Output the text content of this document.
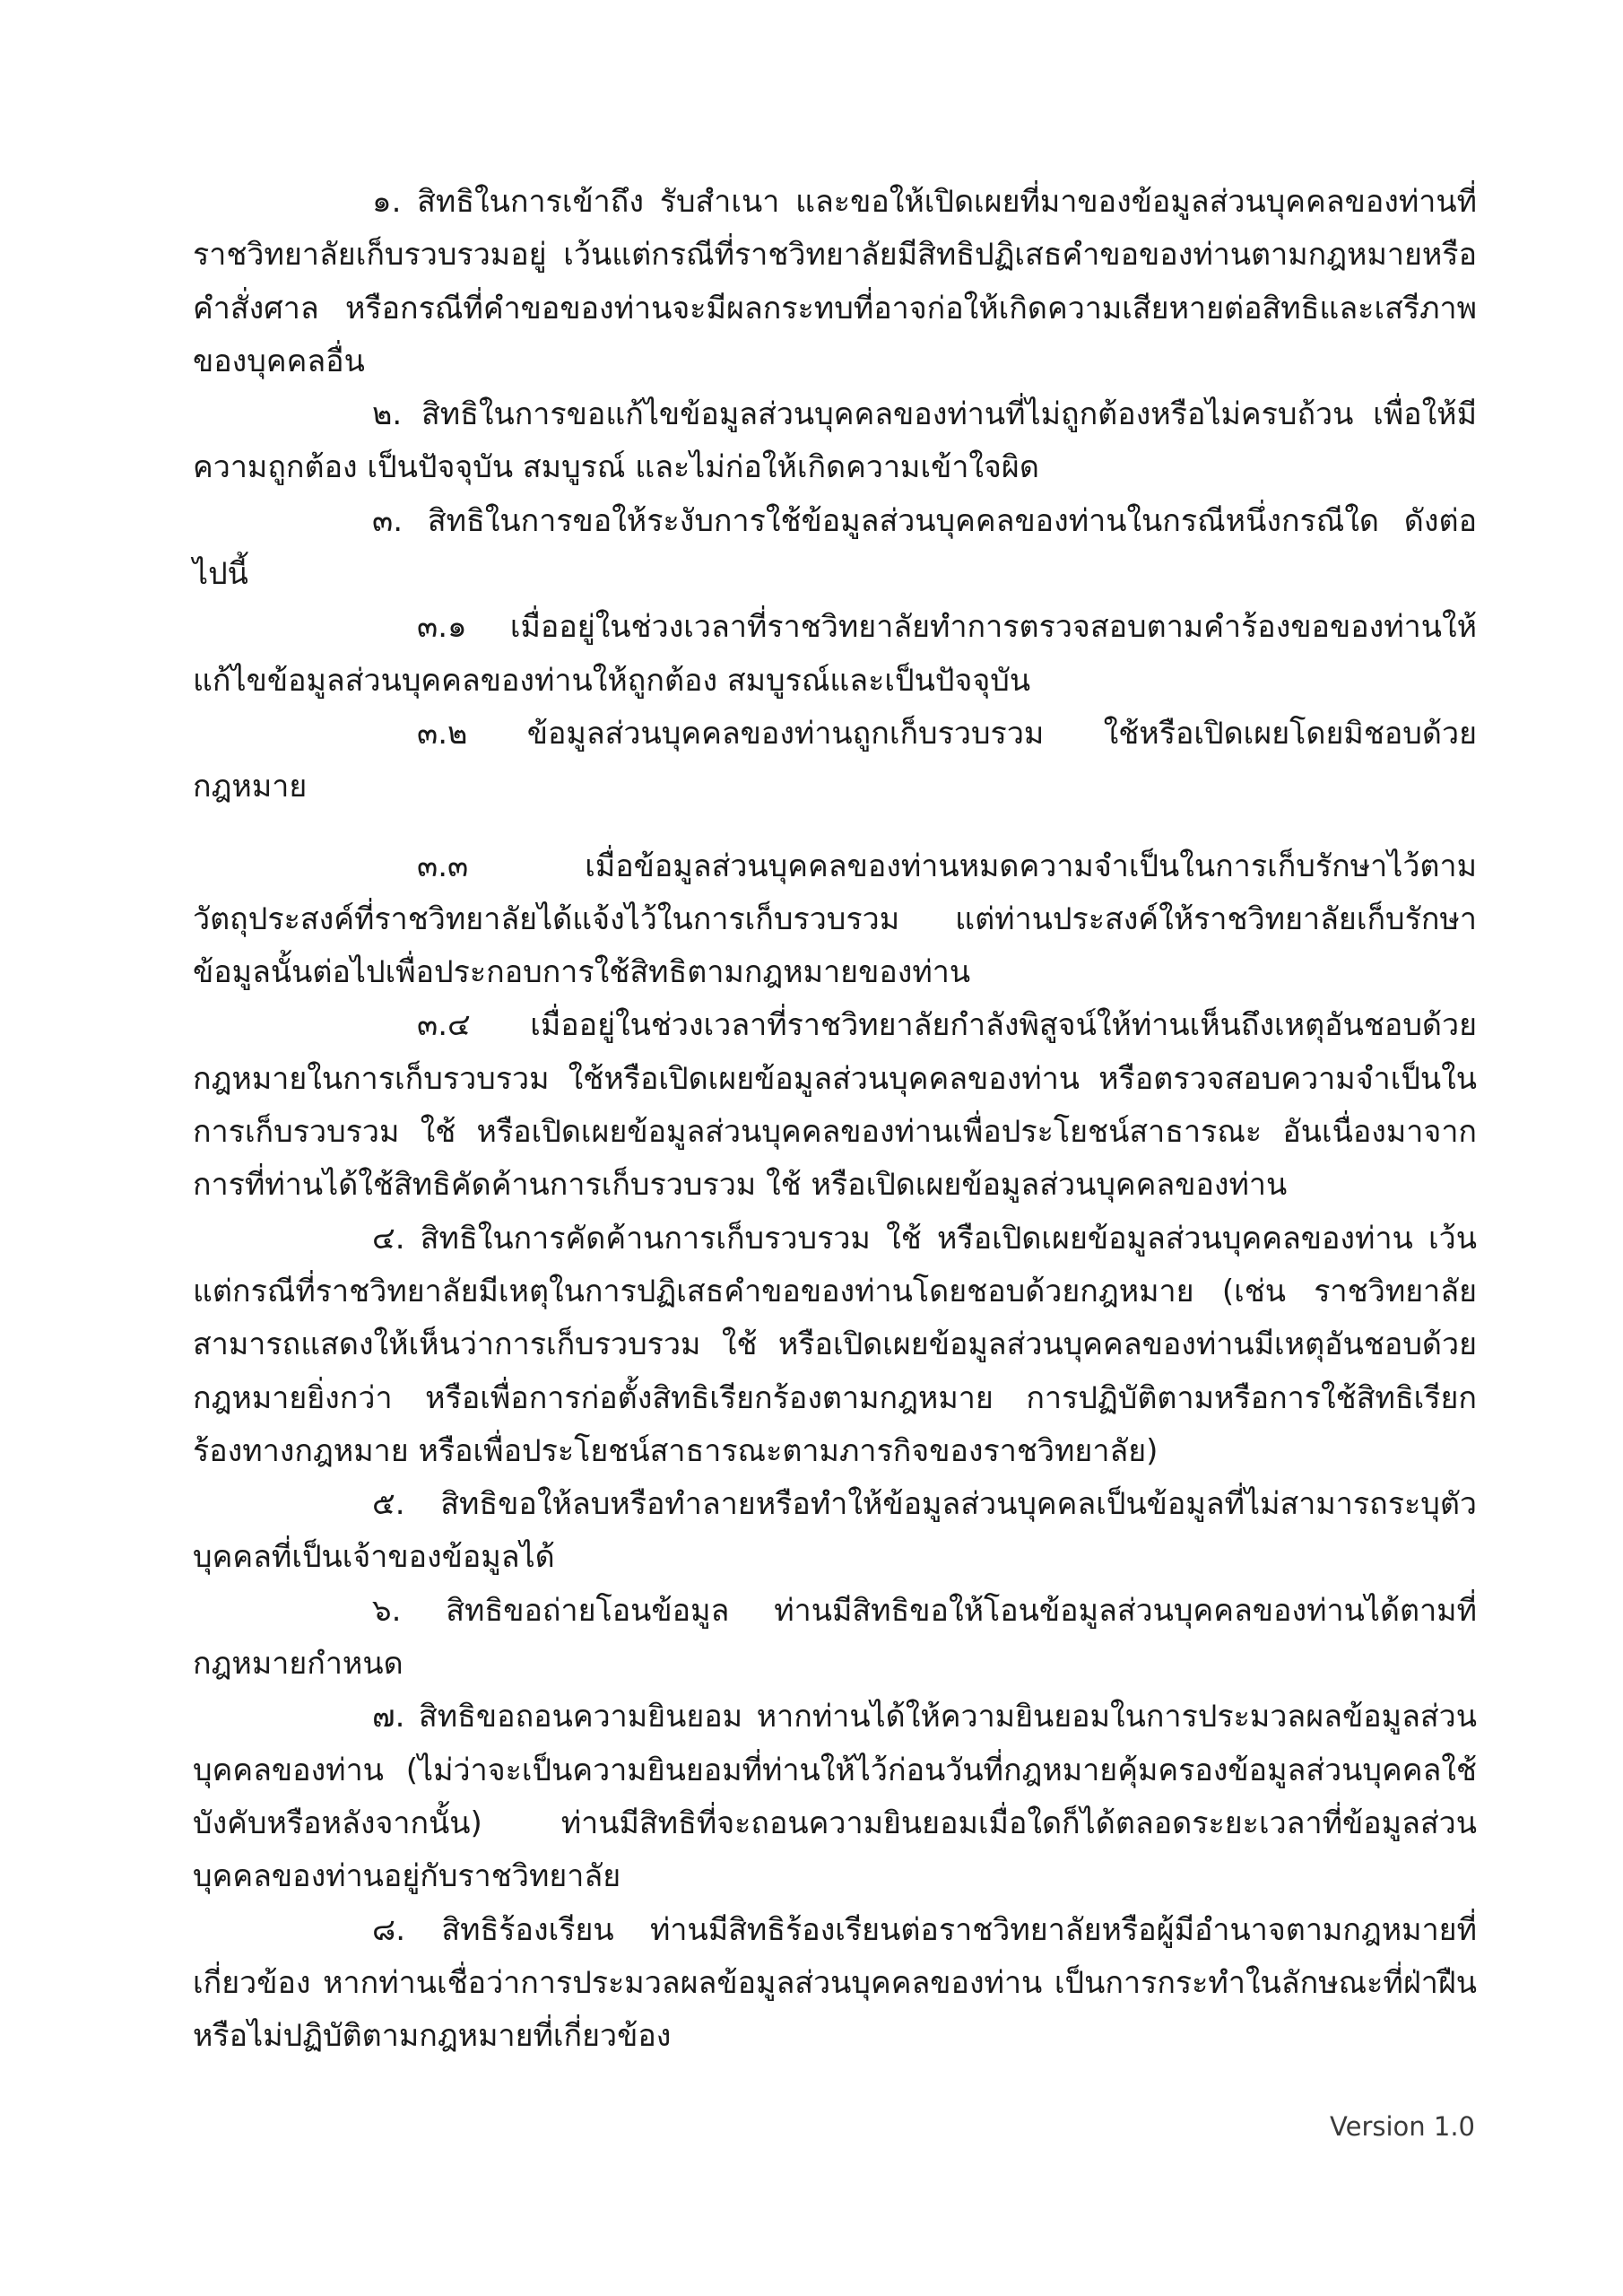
๑. สิทธิในการเข้าถึง รับสำเนา และขอให้เปิดเผยที่มาของข้อมูลส่วนบุคคลของท่านที่ราชวิทยาลัยเก็บรวบรวมอยู่ เว้นแต่กรณีที่ราชวิทยาลัยมีสิทธิปฏิเสธคำขอของท่านตามกฎหมายหรือคำสั่งศาล หรือกรณีที่คำขอของท่านจะมีผลกระทบที่อาจก่อให้เกิดความเสียหายต่อสิทธิและเสรีภาพของบุคคลอื่น

๒. สิทธิในการขอแก้ไขข้อมูลส่วนบุคคลของท่านที่ไม่ถูกต้องหรือไม่ครบถ้วน เพื่อให้มีความถูกต้อง เป็นปัจจุบัน สมบูรณ์ และไม่ก่อให้เกิดความเข้าใจผิด

๓. สิทธิในการขอให้ระงับการใช้ข้อมูลส่วนบุคคลของท่านในกรณีหนึ่งกรณีใด ดังต่อไปนี้

๓.๑ เมื่ออยู่ในช่วงเวลาที่ราชวิทยาลัยทำการตรวจสอบตามคำร้องขอของท่านให้แก้ไขข้อมูลส่วนบุคคลของท่านให้ถูกต้อง สมบูรณ์และเป็นปัจจุบัน

๓.๒ ข้อมูลส่วนบุคคลของท่านถูกเก็บรวบรวม ใช้หรือเปิดเผยโดยมิชอบด้วยกฎหมาย

๓.๓ เมื่อข้อมูลส่วนบุคคลของท่านหมดความจำเป็นในการเก็บรักษาไว้ตามวัตถุประสงค์ที่ราชวิทยาลัยได้แจ้งไว้ในการเก็บรวบรวม แต่ท่านประสงค์ให้ราชวิทยาลัยเก็บรักษาข้อมูลนั้นต่อไปเพื่อประกอบการใช้สิทธิตามกฎหมายของท่าน

๓.๔ เมื่ออยู่ในช่วงเวลาที่ราชวิทยาลัยกำลังพิสูจน์ให้ท่านเห็นถึงเหตุอันชอบด้วยกฎหมายในการเก็บรวบรวม ใช้หรือเปิดเผยข้อมูลส่วนบุคคลของท่าน หรือตรวจสอบความจำเป็นในการเก็บรวบรวม ใช้ หรือเปิดเผยข้อมูลส่วนบุคคลของท่านเพื่อประโยชน์สาธารณะ อันเนื่องมาจากการที่ท่านได้ใช้สิทธิคัดค้านการเก็บรวบรวม ใช้ หรือเปิดเผยข้อมูลส่วนบุคคลของท่าน

๔. สิทธิในการคัดค้านการเก็บรวบรวม ใช้ หรือเปิดเผยข้อมูลส่วนบุคคลของท่าน เว้นแต่กรณีที่ราชวิทยาลัยมีเหตุในการปฏิเสธคำขอของท่านโดยชอบด้วยกฎหมาย (เช่น ราชวิทยาลัยสามารถแสดงให้เห็นว่าการเก็บรวบรวม ใช้ หรือเปิดเผยข้อมูลส่วนบุคคลของท่านมีเหตุอันชอบด้วยกฎหมายยิ่งกว่า หรือเพื่อการก่อตั้งสิทธิเรียกร้องตามกฎหมาย การปฏิบัติตามหรือการใช้สิทธิเรียกร้องทางกฎหมาย หรือเพื่อประโยชน์สาธารณะตามภารกิจของราชวิทยาลัย)

๕. สิทธิขอให้ลบหรือทำลายหรือทำให้ข้อมูลส่วนบุคคลเป็นข้อมูลที่ไม่สามารถระบุตัวบุคคลที่เป็นเจ้าของข้อมูลได้

๖. สิทธิขอถ่ายโอนข้อมูล ท่านมีสิทธิขอให้โอนข้อมูลส่วนบุคคลของท่านได้ตามที่กฎหมายกำหนด

๗. สิทธิขอถอนความยินยอม หากท่านได้ให้ความยินยอมในการประมวลผลข้อมูลส่วนบุคคลของท่าน (ไม่ว่าจะเป็นความยินยอมที่ท่านให้ไว้ก่อนวันที่กฎหมายคุ้มครองข้อมูลส่วนบุคคลใช้บังคับหรือหลังจากนั้น) ท่านมีสิทธิที่จะถอนความยินยอมเมื่อใดก็ได้ตลอดระยะเวลาที่ข้อมูลส่วนบุคคลของท่านอยู่กับราชวิทยาลัย

๘. สิทธิร้องเรียน ท่านมีสิทธิร้องเรียนต่อราชวิทยาลัยหรือผู้มีอำนาจตามกฎหมายที่เกี่ยวข้อง หากท่านเชื่อว่าการประมวลผลข้อมูลส่วนบุคคลของท่าน เป็นการกระทำในลักษณะที่ฝ่าฝืนหรือไม่ปฏิบัติตามกฎหมายที่เกี่ยวข้อง

Version 1.0
